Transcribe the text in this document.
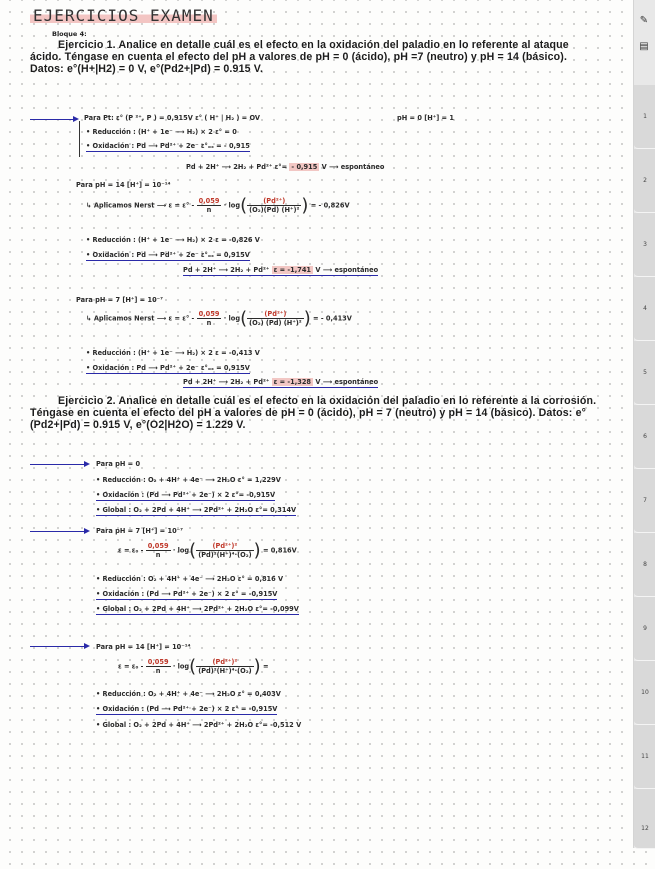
EJERCICIOS EXAMEN
Bloque 4:
Ejercicio 1. Analice en detalle cuál es el efecto en la oxidación del paladio en lo referente al ataque ácido. Téngase en cuenta el efecto del pH a valores de pH = 0 (ácido), pH =7 (neutro) y pH = 14 (básico). Datos: e°(H+|H2) = 0 V, e°(Pd2+|Pd) = 0.915 V.
Para Pt: ε° (P ²⁺, P ) = 0,915V ε° ( H⁺ | H₂ ) = OV	pH = 0 [H⁺] = 1
• Reducción : (H⁺ + 1e⁻ ⟶ H₂) × 2 ε° = 0
• Oxidación : Pd ⟶ Pd²⁺ + 2e⁻ ε°ₒₓ = - 0,915
Pd + 2H⁺ ⟶ 2H₂ + Pd²⁺ ε°= - 0,915 V ⟶ espontáneo
Para pH = 14 [H⁺] = 10⁻¹⁴
↳ Aplicamos Nerst ⟶ $\varepsilon = \varepsilon^\circ - \frac{0,059}{n} \cdot \log( \frac{\text{(Pd²⁺)}}{\text{(O₂)(Pd) (H⁺)²}}$ ) = - 0,826V
• Reducción : (H⁺ + 1e⁻ ⟶ H₂) × 2 ε = -0,826 V
• Oxidación : Pd ⟶ Pd²⁺ + 2e⁻ ε°ₒₓ = 0,915V
Pd + 2H⁺ ⟶ 2H₂ + Pd²⁺ ε = -1,741 V ⟶ espontáneo
Para pH = 7 [H⁺] = 10⁻⁷
↳ Aplicamos Nerst ⟶ $\varepsilon = \varepsilon^\circ - \frac{0,059}{n} \cdot \log( \frac{\text{(Pd²⁺)}}{\text{(O₂) (Pd) (H⁺)²}}$ ) = - 0,413V
• Reducción : (H⁺ + 1e⁻ ⟶ H₂) × 2 ε = -0,413 V
• Oxidación : Pd ⟶ Pd²⁺ + 2e⁻ ε°ₒₓ = 0,915V
Pd + 2H⁺ ⟶ 2H₂ + Pd²⁺ ε = -1,328 V ⟶ espontáneo
Ejercicio 2. Analice en detalle cuál es el efecto en la oxidación del paladio en lo referente a la corrosión. Téngase en cuenta el efecto del pH a valores de pH = 0 (ácido), pH = 7 (neutro) y pH = 14 (básico). Datos: e°(Pd2+|Pd) = 0.915 V, e°(O2|H2O) = 1.229 V.
Para pH = 0
• Reducción : O₂ + 4H⁺ + 4e⁻ ⟶ 2H₂O ε° = 1,229V
• Oxidación : (Pd ⟶ Pd²⁺ + 2e⁻) × 2 ε°= -0,915V
• Global : O₂ + 2Pd + 4H⁺ ⟶ 2Pd²⁺ + 2H₂O ε°= 0,314V
Para pH = 7 [H⁺] = 10⁻⁷
$\varepsilon = \varepsilon_0 - \frac{0,059}{n} \cdot \log( \frac{\text{(Pd²⁺)²}}{\text{(Pd)²(H⁺)⁴·(O₂)}}$ ) = 0,816V
• Reducción : O₂ + 4H⁺ + 4e⁻ ⟶ 2H₂O ε° = 0,816 V
• Oxidación : (Pd ⟶ Pd²⁺ + 2e⁻) × 2 ε° = -0,915V
• Global : O₂ + 2Pd + 4H⁺ ⟶ 2Pd²⁺ + 2H₂O ε°= -0,099V
Para pH = 14 [H⁺] = 10⁻¹⁴
$\varepsilon = \varepsilon_0 - \frac{0,059}{n} \cdot \log( \frac{\text{(Pd²⁺)²}}{\text{(Pd)²(H⁺)⁴·(O₂)}}$ ) =
• Reducción : O₂ + 4H⁺ + 4e⁻ ⟶ 2H₂O ε° = 0,403V
• Oxidación : (Pd ⟶ Pd²⁺ + 2e⁻) × 2 ε° = -0,915V
• Global : O₂ + 2Pd + 4H⁺ ⟶ 2Pd²⁺ + 2H₂O ε°= -0,512 V
1
2
3
4
5
6
7
8
9
10
11
12
✎
▤
